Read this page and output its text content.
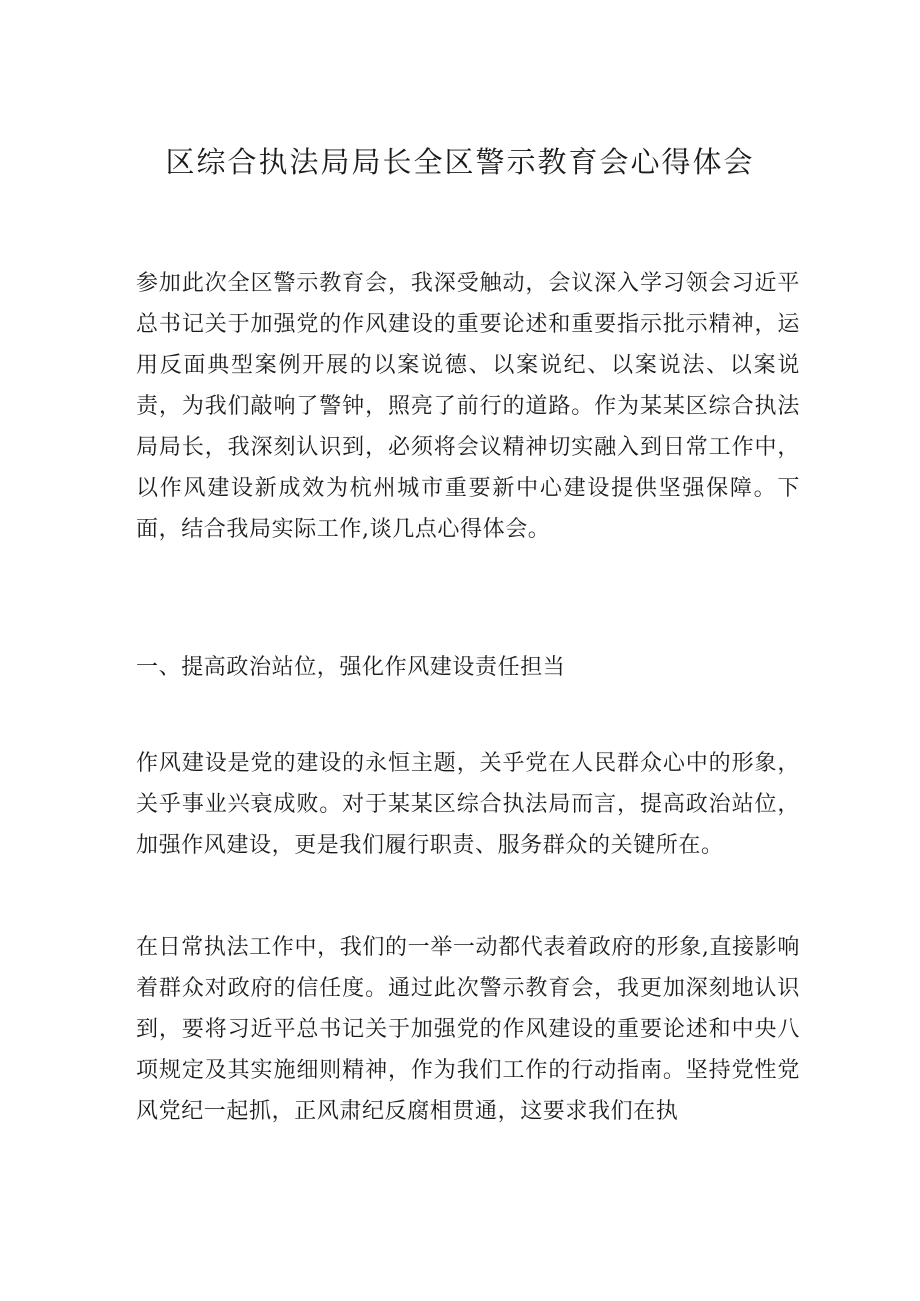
区综合执法局局长全区警示教育会心得体会

参加此次全区警示教育会，我深受触动，会议深入学习领会习近平总书记关于加强党的作风建设的重要论述和重要指示批示精神，运用反面典型案例开展的以案说德、以案说纪、以案说法、以案说责，为我们敲响了警钟，照亮了前行的道路。作为某某区综合执法局局长，我深刻认识到，必须将会议精神切实融入到日常工作中，以作风建设新成效为杭州城市重要新中心建设提供坚强保障。下面，结合我局实际工作,谈几点心得体会。

一、提高政治站位，强化作风建设责任担当

作风建设是党的建设的永恒主题，关乎党在人民群众心中的形象，关乎事业兴衰成败。对于某某区综合执法局而言，提高政治站位，加强作风建设，更是我们履行职责、服务群众的关键所在。

在日常执法工作中，我们的一举一动都代表着政府的形象,直接影响着群众对政府的信任度。通过此次警示教育会，我更加深刻地认识到，要将习近平总书记关于加强党的作风建设的重要论述和中央八项规定及其实施细则精神，作为我们工作的行动指南。坚持党性党风党纪一起抓，正风肃纪反腐相贯通，这要求我们在执
